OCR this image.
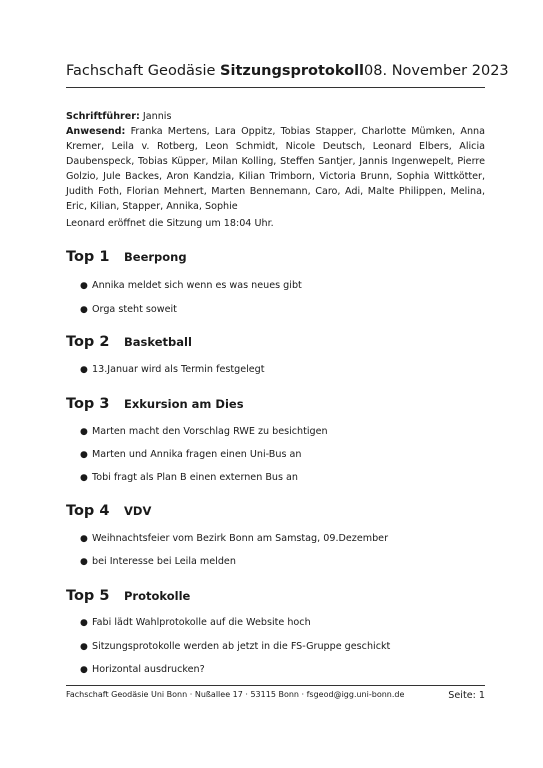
Fachschaft Geodäsie Sitzungsprotokoll 08. November 2023
Schriftführer: Jannis
Anwesend: Franka Mertens, Lara Oppitz, Tobias Stapper, Charlotte Mümken, Anna Kremer, Leila v. Rotberg, Leon Schmidt, Nicole Deutsch, Leonard Elbers, Alicia Daubenspeck, Tobias Küpper, Milan Kolling, Steffen Santjer, Jannis Ingenwepelt, Pierre Golzio, Jule Backes, Aron Kandzia, Kilian Trimborn, Victoria Brunn, Sophia Wittkötter, Judith Foth, Florian Mehnert, Marten Bennemann, Caro, Adi, Malte Philippen, Melina, Eric, Kilian, Stapper, Annika, Sophie
Leonard eröffnet die Sitzung um 18:04 Uhr.
Top 1	Beerpong
● Annika meldet sich wenn es was neues gibt
● Orga steht soweit
Top 2	Basketball
● 13.Januar wird als Termin festgelegt
Top 3	Exkursion am Dies
● Marten macht den Vorschlag RWE zu besichtigen
● Marten und Annika fragen einen Uni-Bus an
● Tobi fragt als Plan B einen externen Bus an
Top 4	VDV
● Weihnachtsfeier vom Bezirk Bonn am Samstag, 09.Dezember
● bei Interesse bei Leila melden
Top 5	Protokolle
● Fabi lädt Wahlprotokolle auf die Website hoch
● Sitzungsprotokolle werden ab jetzt in die FS-Gruppe geschickt
● Horizontal ausdrucken?
Fachschaft Geodäsie Uni Bonn · Nußallee 17 · 53115 Bonn · fsgeod@igg.uni-bonn.de	Seite: 1
